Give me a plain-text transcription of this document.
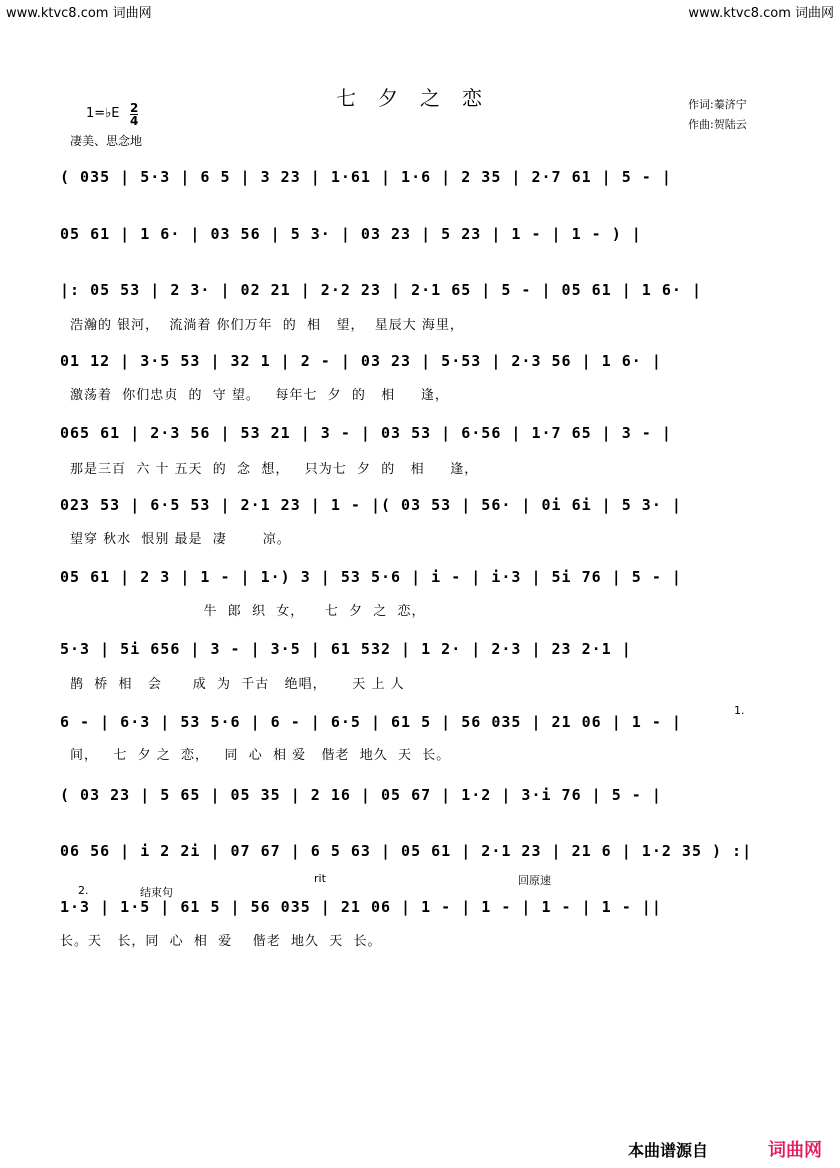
www.ktvc8.com 词曲网	www.ktvc8.com 词曲网
七夕之恋	作词:蓁济宁
作曲:贺陆云
1=♭E $\frac{2}{4}$
凄美、思念地
( 035 | 5·3 | 6 5 | 3 23 | 1·61 | 1·6 | 2 35 | 2·7 61 | 5 - |
05 61 | 1 6· | 03 56 | 5 3· | 03 23 | 5 23 | 1 - | 1 - ) |
|: 05 53 | 2 3· | 02 21 | 2·2 23 | 2·1 65 | 5 - | 05 61 | 1 6· |
浩瀚的 银河，  流淌着 你们万年  的  相   望，  星辰大 海里，
01 12 | 3·5 53 | 32 1 | 2 - | 03 23 | 5·53 | 2·3 56 | 1 6· |
激荡着  你们忠贞  的  守 望。   每年七  夕  的   相     逢，
065 61 | 2·3 56 | 53 21 | 3 - | 03 53 | 6·56 | 1·7 65 | 3 - |
那是三百  六 十 五天  的  念  想，   只为七  夕  的   相     逢，
023 53 | 6·5 53 | 2·1 23 | 1 - |( 03 53 | 56· | 0i 6i | 5 3· |
望穿 秋水  恨别 最是  凄       凉。
05 61 | 2 3 | 1 - | 1·) 3 | 53 5·6 | i - | i·3 | 5i 76 | 5 - |
牛  郎  织  女，    七  夕  之  恋，
5·3 | 5i 656 | 3 - | 3·5 | 61 532 | 1 2· | 2·3 | 23 2·1 |
鹊  桥  相   会      成  为  千古   绝唱，     天 上 人
6 - | 6·3 | 53 5·6 | 6 - | 6·5 | 61 5 | 56 035 | 21 06 | 1 - |
间，   七  夕 之  恋，   同  心  相 爱   偕老  地久  天  长。
( 03 23 | 5 65 | 05 35 | 2 16 | 05 67 | 1·2 | 3·i 76 | 5 - |
06 56 | i 2 2i | 07 67 | 6 5 63 | 05 61 | 2·1 23 | 21 6 | 1·2 35 ) :|
rit	回原速
结束句
2.
1.
1·3 | 1·5 | 61 5 | 56 035 | 21 06 | 1 - | 1 - | 1 - | 1 - ||
长。天   长，同  心  相  爱    偕老  地久  天  长。
本曲谱源自	词曲网
